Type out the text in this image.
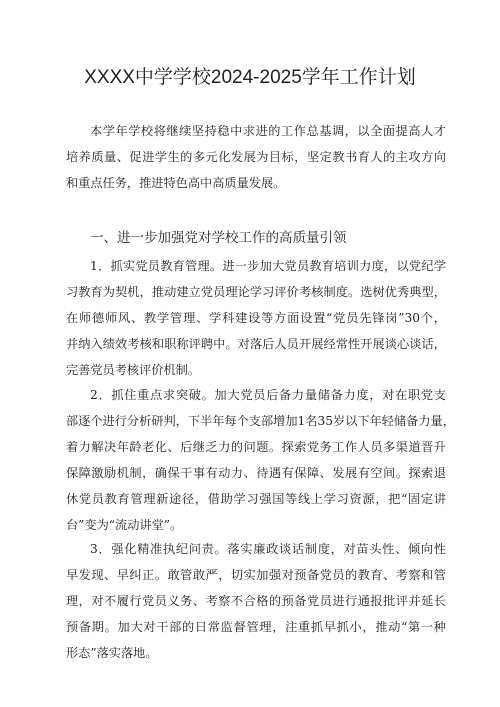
XXXX中学学校2024-2025学年工作计划
本学年学校将继续坚持稳中求进的工作总基调，以全面提高人才
培养质量、促进学生的多元化发展为目标，坚定教书育人的主攻方向
和重点任务，推进特色高中高质量发展。
一、进一步加强党对学校工作的高质量引领
1．抓实党员教育管理。进一步加大党员教育培训力度，以党纪学
习教育为契机，推动建立党员理论学习评价考核制度。选树优秀典型，
在师德师风、教学管理、学科建设等方面设置“党员先锋岗”30个，
并纳入绩效考核和职称评聘中。对落后人员开展经常性开展谈心谈话，
完善党员考核评价机制。
2．抓住重点求突破。加大党员后备力量储备力度，对在职党支
部逐个进行分析研判，下半年每个支部增加1名35岁以下年轻储备力量，
着力解决年龄老化、后继乏力的问题。探索党务工作人员多渠道晋升
保障激励机制，确保干事有动力、待遇有保障、发展有空间。探索退
休党员教育管理新途径，借助学习强国等线上学习资源，把“固定讲
台”变为“流动讲堂”。
3．强化精准执纪问责。落实廉政谈话制度，对苗头性、倾向性
早发现、早纠正。敢管敢严，切实加强对预备党员的教育、考察和管
理，对不履行党员义务、考察不合格的预备党员进行通报批评并延长
预备期。加大对干部的日常监督管理，注重抓早抓小，推动“第一种
形态”落实落地。
